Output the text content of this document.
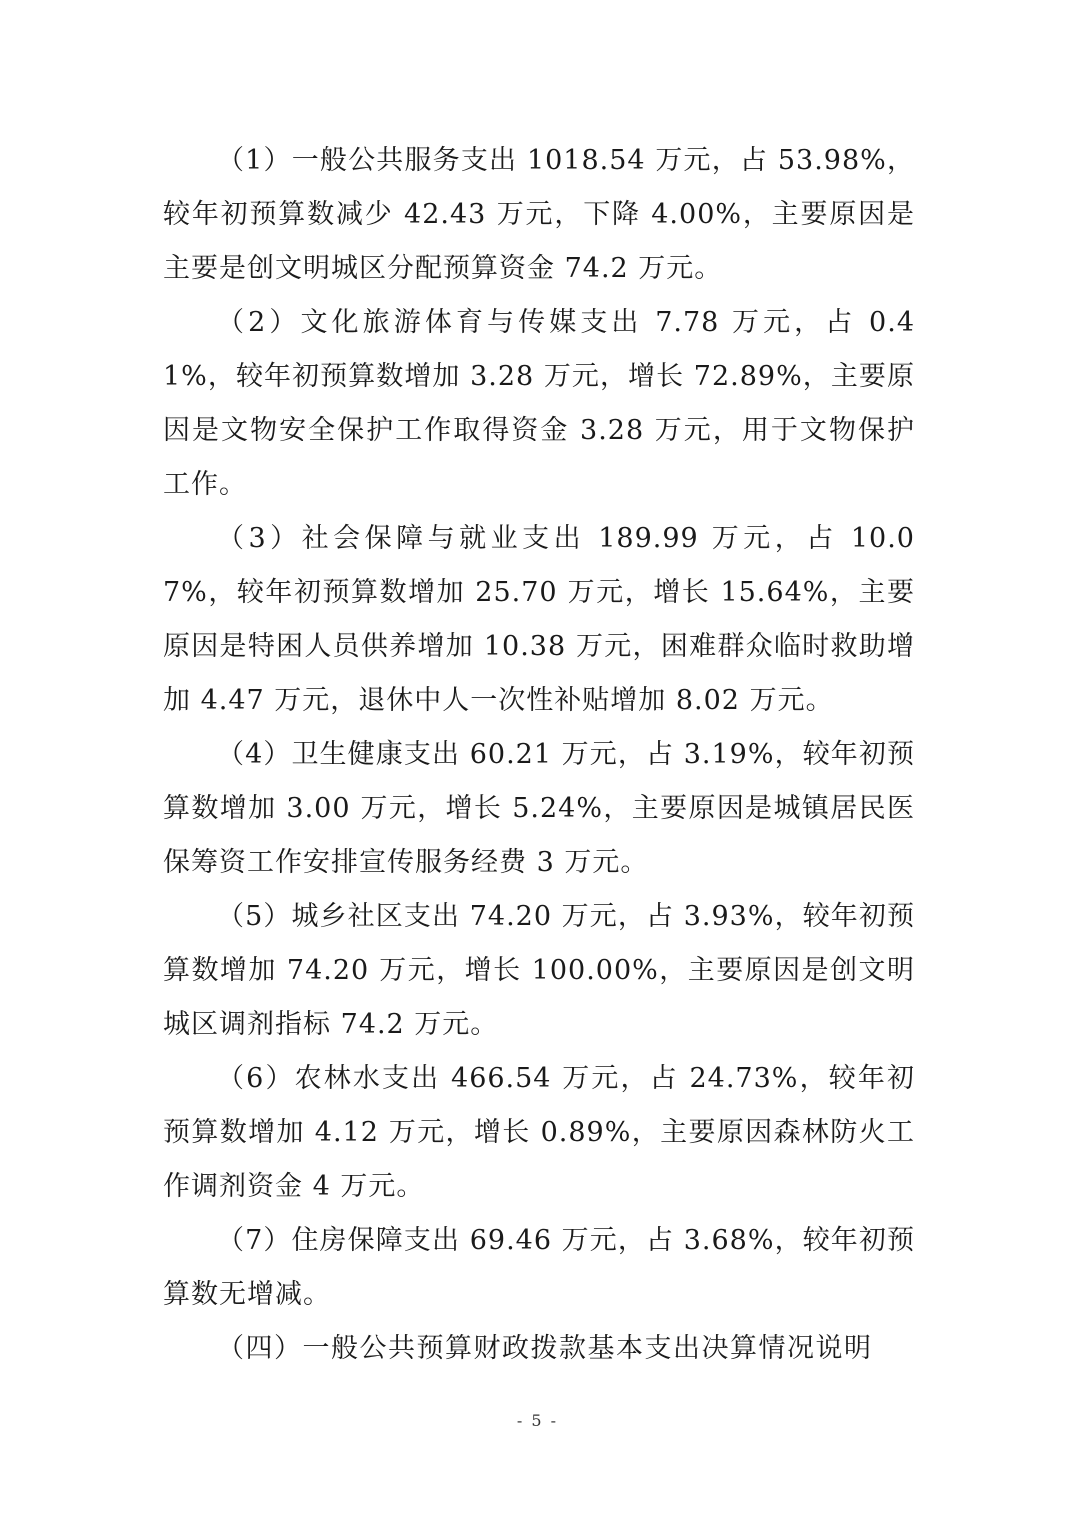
（1）一般公共服务支出 1018.54 万元，占 53.98%，较年初预算数减少 42.43 万元，下降 4.00%，主要原因是主要是创文明城区分配预算资金 74.2 万元。

（2）文化旅游体育与传媒支出 7.78 万元，占 0.41%，较年初预算数增加 3.28 万元，增长 72.89%，主要原因是文物安全保护工作取得资金 3.28 万元，用于文物保护工作。

（3）社会保障与就业支出 189.99 万元，占 10.07%，较年初预算数增加 25.70 万元，增长 15.64%，主要原因是特困人员供养增加 10.38 万元，困难群众临时救助增加 4.47 万元，退休中人一次性补贴增加 8.02 万元。

（4）卫生健康支出 60.21 万元，占 3.19%，较年初预算数增加 3.00 万元，增长 5.24%，主要原因是城镇居民医保筹资工作安排宣传服务经费 3 万元。

（5）城乡社区支出 74.20 万元，占 3.93%，较年初预算数增加 74.20 万元，增长 100.00%，主要原因是创文明城区调剂指标 74.2 万元。

（6）农林水支出 466.54 万元，占 24.73%，较年初预算数增加 4.12 万元，增长 0.89%，主要原因森林防火工作调剂资金 4 万元。

（7）住房保障支出 69.46 万元，占 3.68%，较年初预算数无增减。

（四）一般公共预算财政拨款基本支出决算情况说明

- 5 -
